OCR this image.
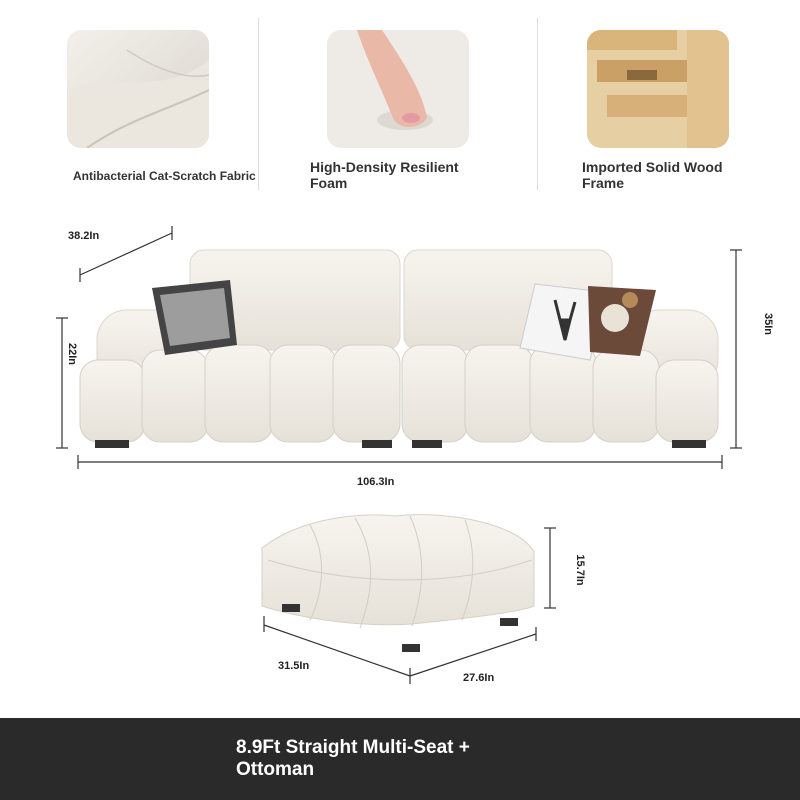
Antibacterial Cat-Scratch Fabric
High-Density Resilient Foam
Imported Solid Wood Frame
38.2In
22In
35In
106.3In
15.7In
31.5In
27.6In
8.9Ft Straight Multi-Seat + Ottoman
